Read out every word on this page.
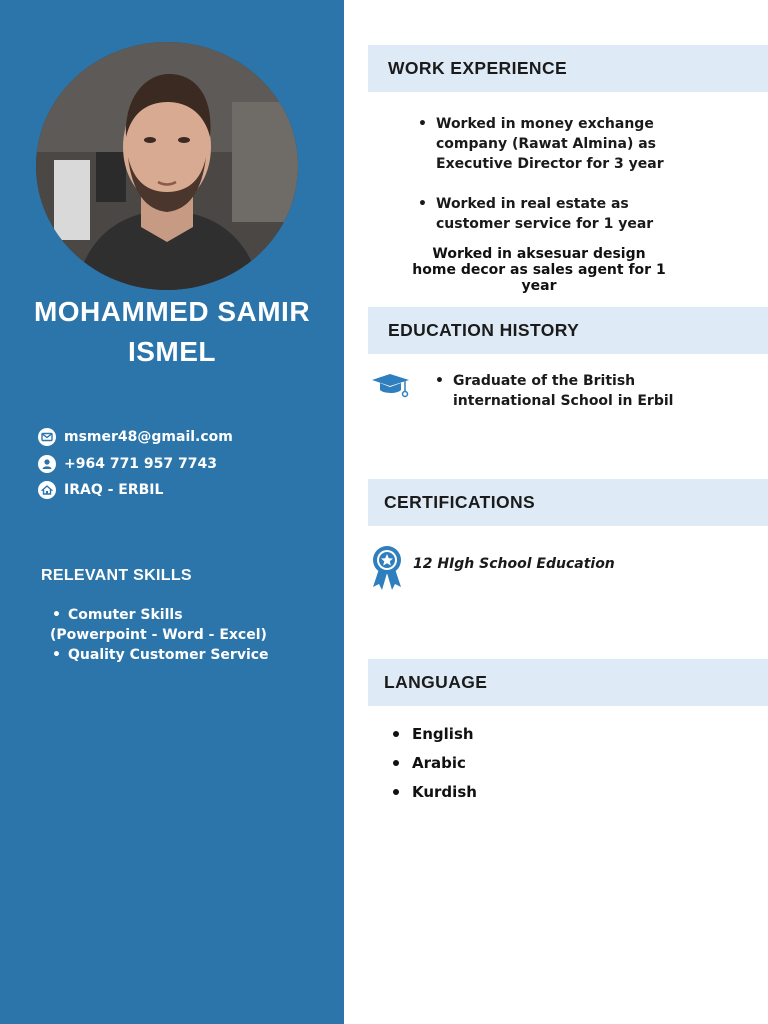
MOHAMMED SAMIR
ISMEL
msmer48@gmail.com
+964 771 957 7743
IRAQ - ERBIL
RELEVANT SKILLS
• Comuter Skills
(Powerpoint - Word - Excel)
• Quality Customer Service
WORK EXPERIENCE
• Worked in money exchange
company (Rawat Almina) as
Executive Director for 3 year
• Worked in real estate as
customer service for 1 year
Worked in aksesuar design
home decor as sales agent for 1 year
EDUCATION HISTORY
• Graduate of the British
international School in Erbil
CERTIFICATIONS
12 HIgh School Education
LANGUAGE
English
Arabic
Kurdish
